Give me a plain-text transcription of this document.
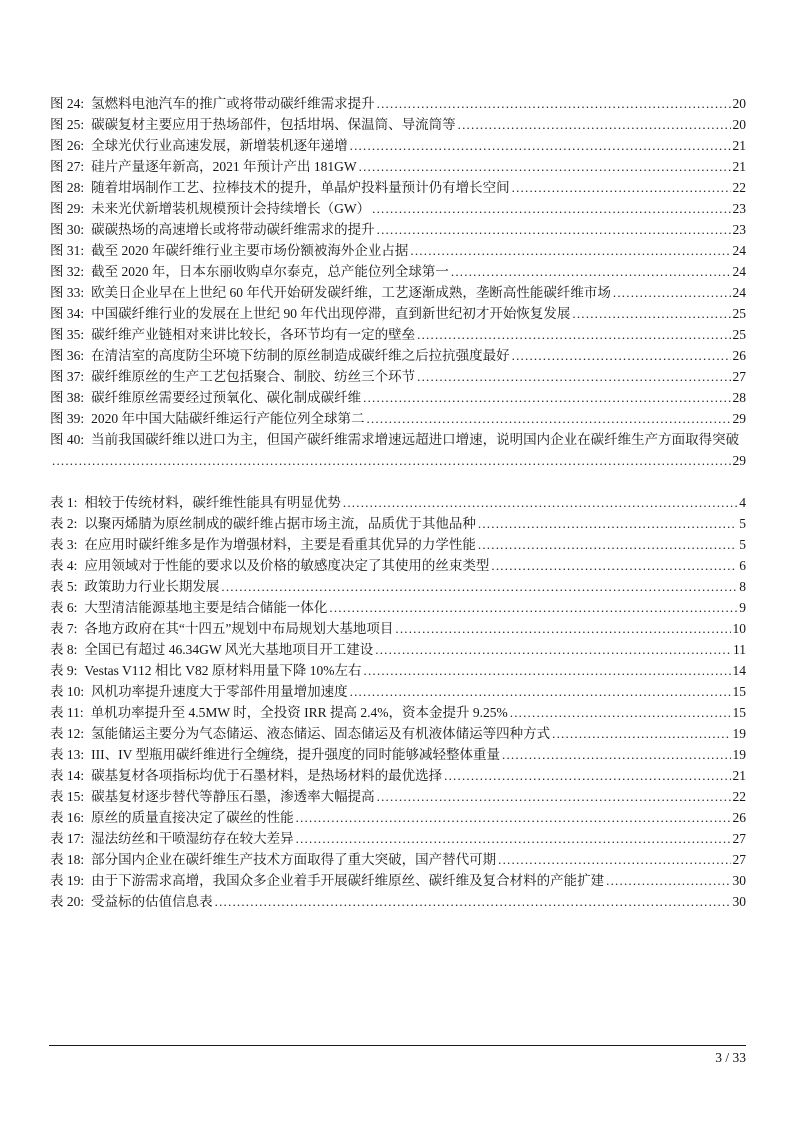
图 24: 氢燃料电池汽车的推广或将带动碳纤维需求提升 .....	20
图 25: 碳碳复材主要应用于热场部件，包括坩埚、保温筒、导流筒等 .....	20
图 26: 全球光伏行业高速发展，新增装机逐年递增 .....	21
图 27: 硅片产量逐年新高，2021 年预计产出 181GW .....	21
图 28: 随着坩埚制作工艺、拉棒技术的提升，单晶炉投料量预计仍有增长空间 .....	22
图 29: 未来光伏新增装机规模预计会持续增长（GW） .....	23
图 30: 碳碳热场的高速增长或将带动碳纤维需求的提升 .....	23
图 31: 截至 2020 年碳纤维行业主要市场份额被海外企业占据 .....	24
图 32: 截至 2020 年，日本东丽收购卓尔泰克，总产能位列全球第一 .....	24
图 33: 欧美日企业早在上世纪 60 年代开始研发碳纤维，工艺逐渐成熟，垄断高性能碳纤维市场 .....	24
图 34: 中国碳纤维行业的发展在上世纪 90 年代出现停滞，直到新世纪初才开始恢复发展 .....	25
图 35: 碳纤维产业链相对来讲比较长，各环节均有一定的壁垒 .....	25
图 36: 在清洁室的高度防尘环境下纺制的原丝制造成碳纤维之后拉抗强度最好 .....	26
图 37: 碳纤维原丝的生产工艺包括聚合、制胶、纺丝三个环节 .....	27
图 38: 碳纤维原丝需要经过预氧化、碳化制成碳纤维 .....	28
图 39: 2020 年中国大陆碳纤维运行产能位列全球第二 .....	29
图 40: 当前我国碳纤维以进口为主，但国产碳纤维需求增速远超进口增速，说明国内企业在碳纤维生产方面取得突破
.....
29
表 1: 相较于传统材料，碳纤维性能具有明显优势 .....	4
表 2: 以聚丙烯腈为原丝制成的碳纤维占据市场主流，品质优于其他品种 .....	5
表 3: 在应用时碳纤维多是作为增强材料，主要是看重其优异的力学性能 .....	5
表 4: 应用领域对于性能的要求以及价格的敏感度决定了其使用的丝束类型 .....	6
表 5: 政策助力行业长期发展 .....	8
表 6: 大型清洁能源基地主要是结合储能一体化 .....	9
表 7: 各地方政府在其“十四五”规划中布局规划大基地项目 .....	10
表 8: 全国已有超过 46.34GW 风光大基地项目开工建设 .....	11
表 9: Vestas V112 相比 V82 原材料用量下降 10%左右 .....	14
表 10: 风机功率提升速度大于零部件用量增加速度 .....	15
表 11: 单机功率提升至 4.5MW 时，全投资 IRR 提高 2.4%，资本金提升 9.25% .....	15
表 12: 氢能储运主要分为气态储运、液态储运、固态储运及有机液体储运等四种方式 .....	19
表 13: III、IV 型瓶用碳纤维进行全缠绕，提升强度的同时能够减轻整体重量 .....	19
表 14: 碳基复材各项指标均优于石墨材料，是热场材料的最优选择 .....	21
表 15: 碳基复材逐步替代等静压石墨，渗透率大幅提高 .....	22
表 16: 原丝的质量直接决定了碳丝的性能 .....	26
表 17: 湿法纺丝和干喷湿纺存在较大差异 .....	27
表 18: 部分国内企业在碳纤维生产技术方面取得了重大突破，国产替代可期 .....	27
表 19: 由于下游需求高增，我国众多企业着手开展碳纤维原丝、碳纤维及复合材料的产能扩建 .....	30
表 20: 受益标的估值信息表 .....	30
3 / 33
